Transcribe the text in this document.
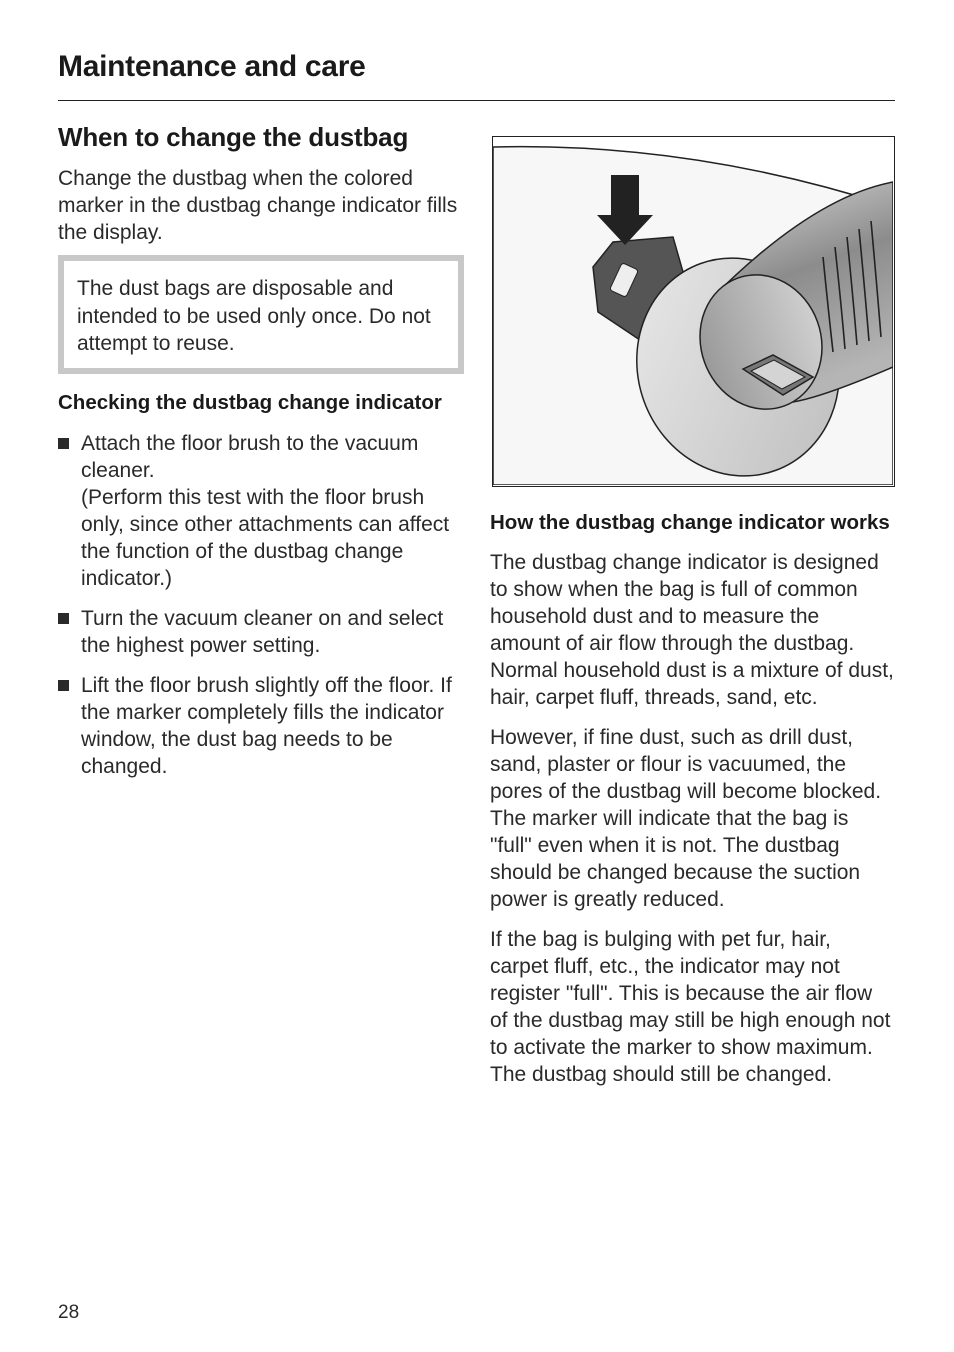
Maintenance and care
When to change the dustbag

Change the dustbag when the colored marker in the dustbag change indicator fills the display.

The dust bags are disposable and intended to be used only once. Do not attempt to reuse.

Checking the dustbag change indicator

Attach the floor brush to the vacuum cleaner.

(Perform this test with the floor brush only, since other attachments can affect the function of the dustbag change indicator.)

Turn the vacuum cleaner on and select the highest power setting.

Lift the floor brush slightly off the floor. If the marker completely fills the indicator window, the dust bag needs to be changed.

How the dustbag change indicator works

The dustbag change indicator is designed to show when the bag is full of common household dust and to measure the amount of air flow through the dustbag. Normal household dust is a mixture of dust, hair, carpet fluff, threads, sand, etc.

However, if fine dust, such as drill dust, sand, plaster or flour is vacuumed, the pores of the dustbag will become blocked. The marker will indicate that the bag is "full" even when it is not. The dustbag should be changed because the suction power is greatly reduced.

If the bag is bulging with pet fur, hair, carpet fluff, etc., the indicator may not register "full". This is because the air flow of the dustbag may still be high enough not to activate the marker to show maximum. The dustbag should still be changed.

28
